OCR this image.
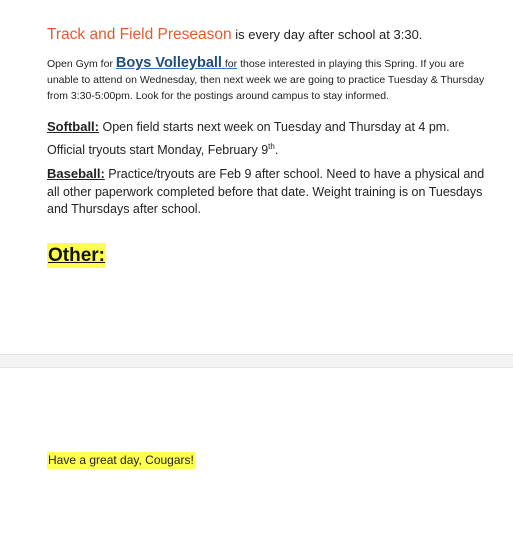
Track and Field Preseason is every day after school at 3:30.
Open Gym for Boys Volleyball for those interested in playing this Spring. If you are unable to attend on Wednesday, then next week we are going to practice Tuesday & Thursday from 3:30-5:00pm. Look for the postings around campus to stay informed.
Softball: Open field starts next week on Tuesday and Thursday at 4 pm. Official tryouts start Monday, February 9th.
Baseball: Practice/tryouts are Feb 9 after school. Need to have a physical and all other paperwork completed before that date. Weight training is on Tuesdays and Thursdays after school.
Other:
Have a great day, Cougars!
